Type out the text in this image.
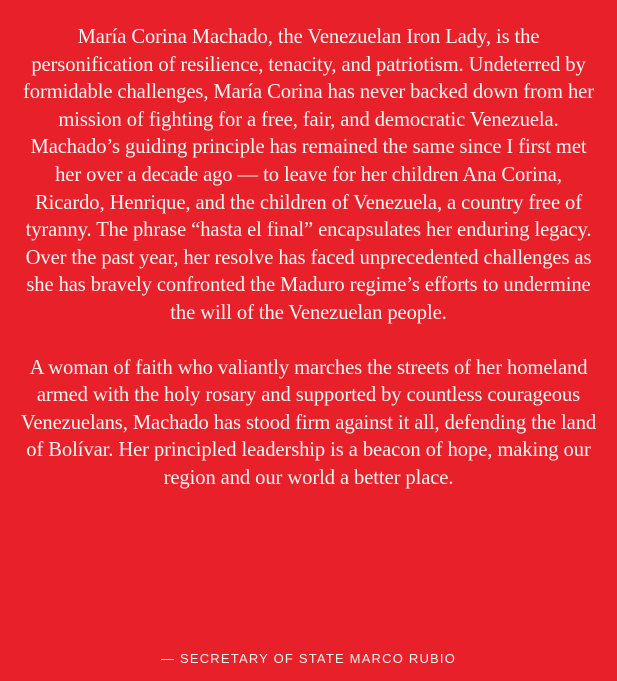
María Corina Machado, the Venezuelan Iron Lady, is the personification of resilience, tenacity, and patriotism. Undeterred by formidable challenges, María Corina has never backed down from her mission of fighting for a free, fair, and democratic Venezuela. Machado’s guiding principle has remained the same since I first met her over a decade ago — to leave for her children Ana Corina, Ricardo, Henrique, and the children of Venezuela, a country free of tyranny. The phrase “hasta el final” encapsulates her enduring legacy. Over the past year, her resolve has faced unprecedented challenges as she has bravely confronted the Maduro regime’s efforts to undermine the will of the Venezuelan people.

A woman of faith who valiantly marches the streets of her homeland armed with the holy rosary and supported by countless courageous Venezuelans, Machado has stood firm against it all, defending the land of Bolívar. Her principled leadership is a beacon of hope, making our region and our world a better place.

— SECRETARY OF STATE MARCO RUBIO
